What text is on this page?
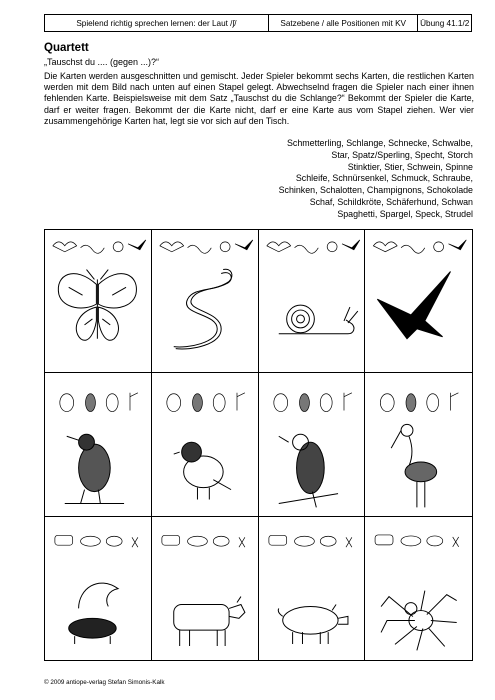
Spielend richtig sprechen lernen: der Laut /ʃ/	Satzebene / alle Positionen mit KV	Übung 41.1/2
Quartett
„Tauschst du .... (gegen ...)?“
Die Karten werden ausgeschnitten und gemischt. Jeder Spieler bekommt sechs Karten, die restlichen Karten werden mit dem Bild nach unten auf einen Stapel gelegt. Abwechselnd fragen die Spieler nach einer ihnen fehlenden Karte. Beispielsweise mit dem Satz „Tauschst du die Schlange?“ Bekommt der Spieler die Karte, darf er weiter fragen. Bekommt der die Karte nicht, darf er eine Karte aus vom Stapel ziehen. Wer vier zusammengehörige Karten hat, legt sie vor sich auf den Tisch.
Schmetterling, Schlange, Schnecke, Schwalbe,
Star, Spatz/Sperling, Specht, Storch
Stinktier, Stier, Schwein, Spinne
Schleife, Schnürsenkel, Schmuck, Schraube,
Schinken, Schalotten, Champignons, Schokolade
Schaf, Schildkröte, Schäferhund, Schwan
Spaghetti, Spargel, Speck, Strudel
© 2009 antiope-verlag Stefan Simonis-Kalk
